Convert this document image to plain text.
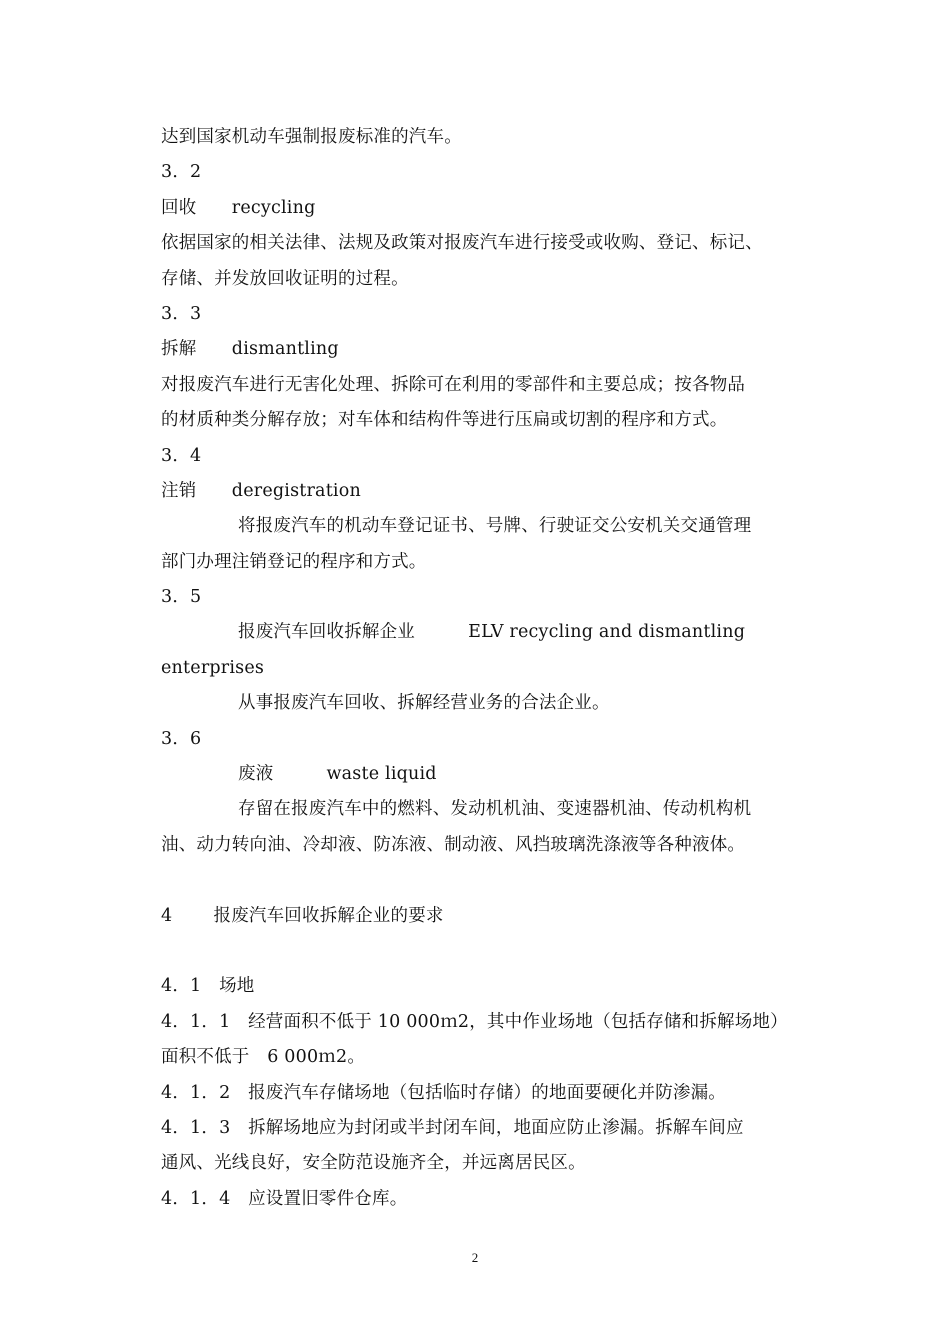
达到国家机动车强制报废标准的汽车。
3．2
回收　　recycling
依据国家的相关法律、法规及政策对报废汽车进行接受或收购、登记、标记、
存储、并发放回收证明的过程。
3．3
拆解　　dismantling
对报废汽车进行无害化处理、拆除可在利用的零部件和主要总成；按各物品
的材质种类分解存放；对车体和结构件等进行压扁或切割的程序和方式。
3．4
注销　　deregistration
将报废汽车的机动车登记证书、号牌、行驶证交公安机关交通管理
部门办理注销登记的程序和方式。
3．5
报废汽车回收拆解企业　　　ELV recycling and dismantling
enterprises
从事报废汽车回收、拆解经营业务的合法企业。
3．6
废液　　　waste liquid
存留在报废汽车中的燃料、发动机机油、变速器机油、传动机构机
油、动力转向油、冷却液、防冻液、制动液、风挡玻璃洗涤液等各种液体。
4　　 报废汽车回收拆解企业的要求
4．1　场地
4．1．1　经营面积不低于 10 000ｍ2，其中作业场地（包括存储和拆解场地）
面积不低于　6 000ｍ2。
4．1．2　报废汽车存储场地（包括临时存储）的地面要硬化并防渗漏。
4．1．3　拆解场地应为封闭或半封闭车间，地面应防止渗漏。拆解车间应
通风、光线良好，安全防范设施齐全，并远离居民区。
4．1．4　应设置旧零件仓库。
2
